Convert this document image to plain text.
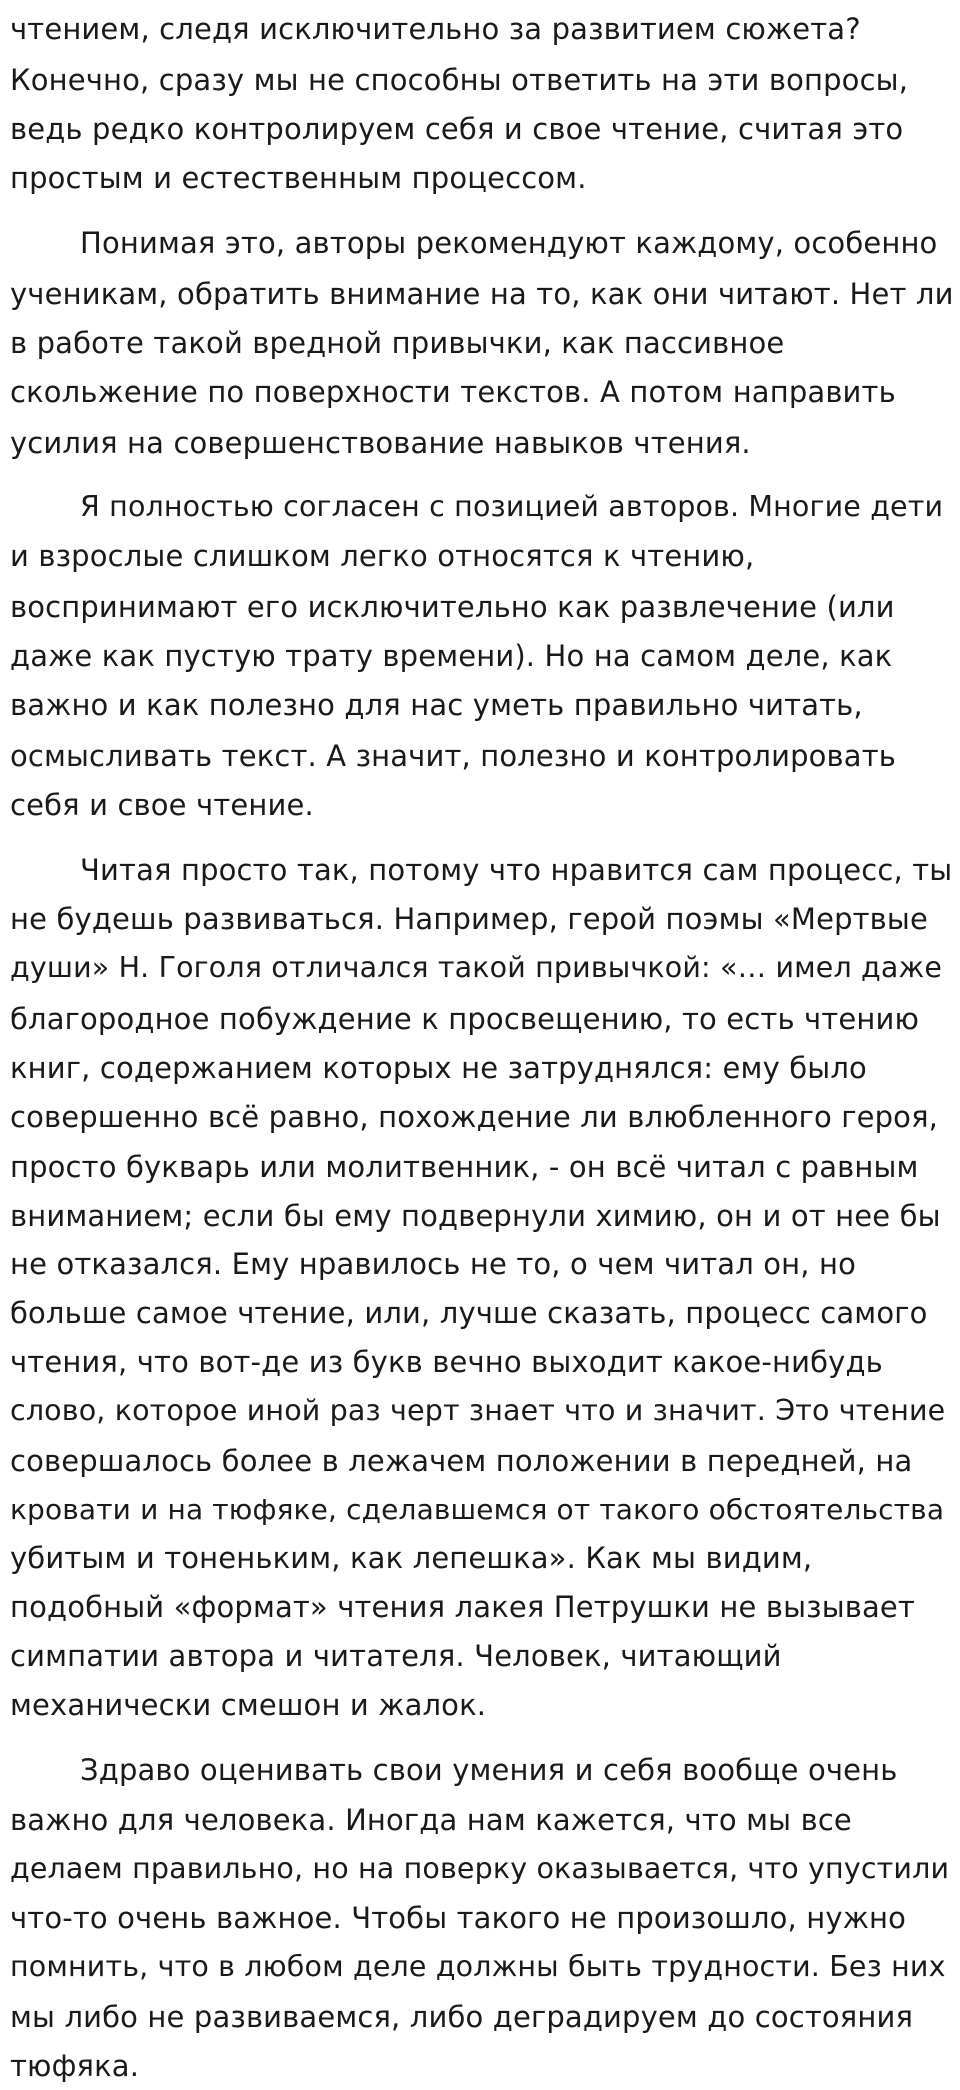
чтением, следя исключительно за развитием сюжета?
Конечно, сразу мы не способны ответить на эти вопросы,
ведь редко контролируем себя и свое чтение, считая это
простым и естественным процессом.
Понимая это, авторы рекомендуют каждому, особенно
ученикам, обратить внимание на то, как они читают. Нет ли
в работе такой вредной привычки, как пассивное
скольжение по поверхности текстов. А потом направить
усилия на совершенствование навыков чтения.
Я полностью согласен с позицией авторов. Многие дети
и взрослые слишком легко относятся к чтению,
воспринимают его исключительно как развлечение (или
даже как пустую трату времени). Но на самом деле, как
важно и как полезно для нас уметь правильно читать,
осмысливать текст. А значит, полезно и контролировать
себя и свое чтение.
Читая просто так, потому что нравится сам процесс, ты
не будешь развиваться. Например, герой поэмы «Мертвые
души» Н. Гоголя отличался такой привычкой: «… имел даже
благородное побуждение к просвещению, то есть чтению
книг, содержанием которых не затруднялся: ему было
совершенно всё равно, похождение ли влюбленного героя,
просто букварь или молитвенник, - он всё читал с равным
вниманием; если бы ему подвернули химию, он и от нее бы
не отказался. Ему нравилось не то, о чем читал он, но
больше самое чтение, или, лучше сказать, процесс самого
чтения, что вот-де из букв вечно выходит какое-нибудь
слово, которое иной раз черт знает что и значит. Это чтение
совершалось более в лежачем положении в передней, на
кровати и на тюфяке, сделавшемся от такого обстоятельства
убитым и тоненьким, как лепешка». Как мы видим,
подобный «формат» чтения лакея Петрушки не вызывает
симпатии автора и читателя. Человек, читающий
механически смешон и жалок.
Здраво оценивать свои умения и себя вообще очень
важно для человека. Иногда нам кажется, что мы все
делаем правильно, но на поверку оказывается, что упустили
что-то очень важное. Чтобы такого не произошло, нужно
помнить, что в любом деле должны быть трудности. Без них
мы либо не развиваемся, либо деградируем до состояния
тюфяка.
